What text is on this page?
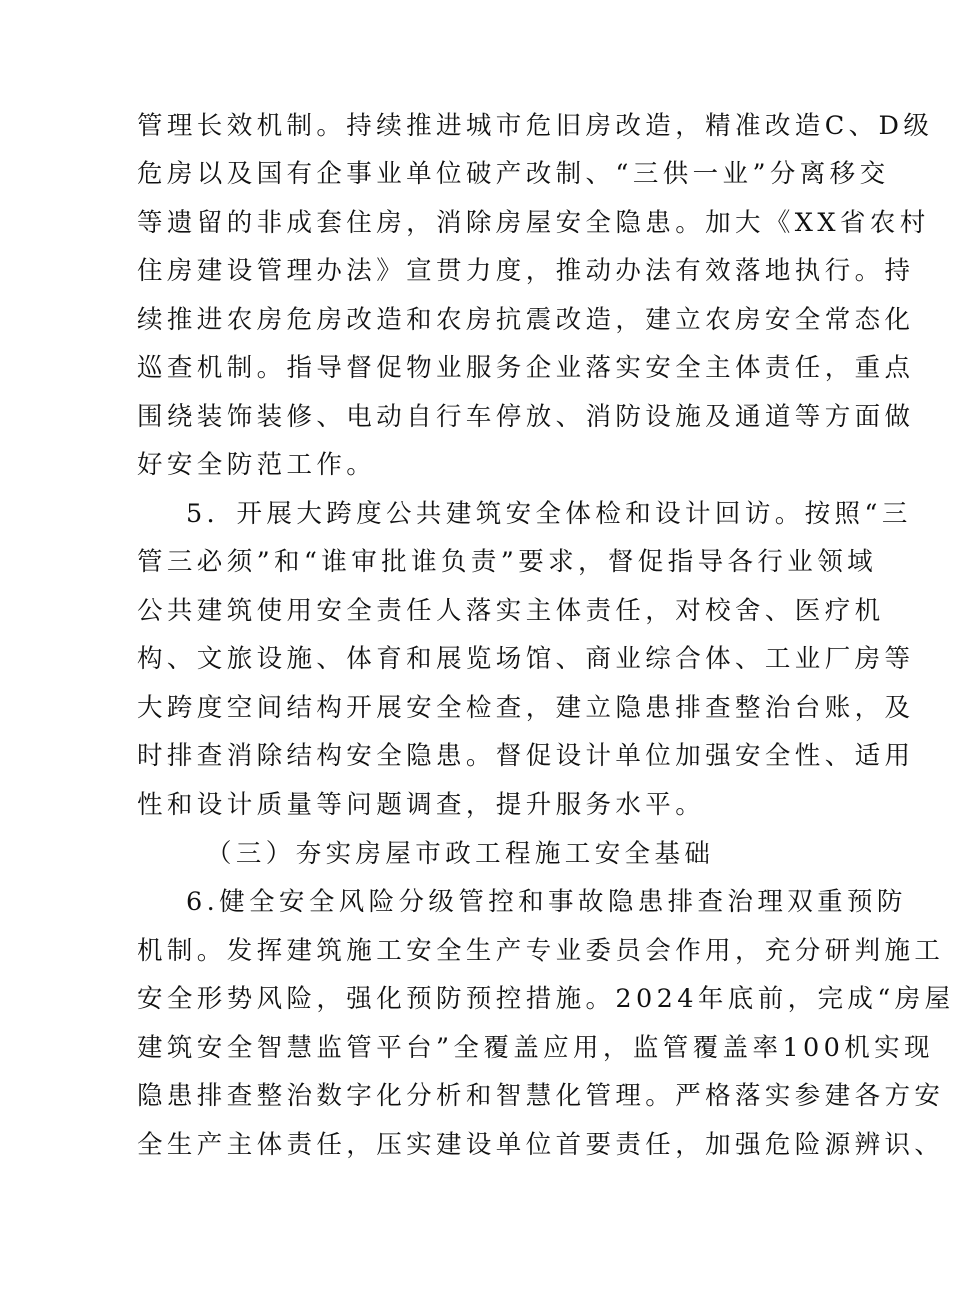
管理长效机制。持续推进城市危旧房改造，精准改造C、D级
危房以及国有企事业单位破产改制、“三供一业”分离移交
等遗留的非成套住房，消除房屋安全隐患。加大《XX省农村
住房建设管理办法》宣贯力度，推动办法有效落地执行。持
续推进农房危房改造和农房抗震改造，建立农房安全常态化
巡查机制。指导督促物业服务企业落实安全主体责任，重点
围绕装饰装修、电动自行车停放、消防设施及通道等方面做
好安全防范工作。
5．开展大跨度公共建筑安全体检和设计回访。按照“三
管三必须”和“谁审批谁负责”要求，督促指导各行业领域
公共建筑使用安全责任人落实主体责任，对校舍、医疗机
构、文旅设施、体育和展览场馆、商业综合体、工业厂房等
大跨度空间结构开展安全检查，建立隐患排查整治台账，及
时排查消除结构安全隐患。督促设计单位加强安全性、适用
性和设计质量等问题调查，提升服务水平。
（三）夯实房屋市政工程施工安全基础
6.健全安全风险分级管控和事故隐患排查治理双重预防
机制。发挥建筑施工安全生产专业委员会作用，充分研判施工
安全形势风险，强化预防预控措施。2024年底前，完成“房屋
建筑安全智慧监管平台”全覆盖应用，监管覆盖率100机实现
隐患排查整治数字化分析和智慧化管理。严格落实参建各方安
全生产主体责任，压实建设单位首要责任，加强危险源辨识、
